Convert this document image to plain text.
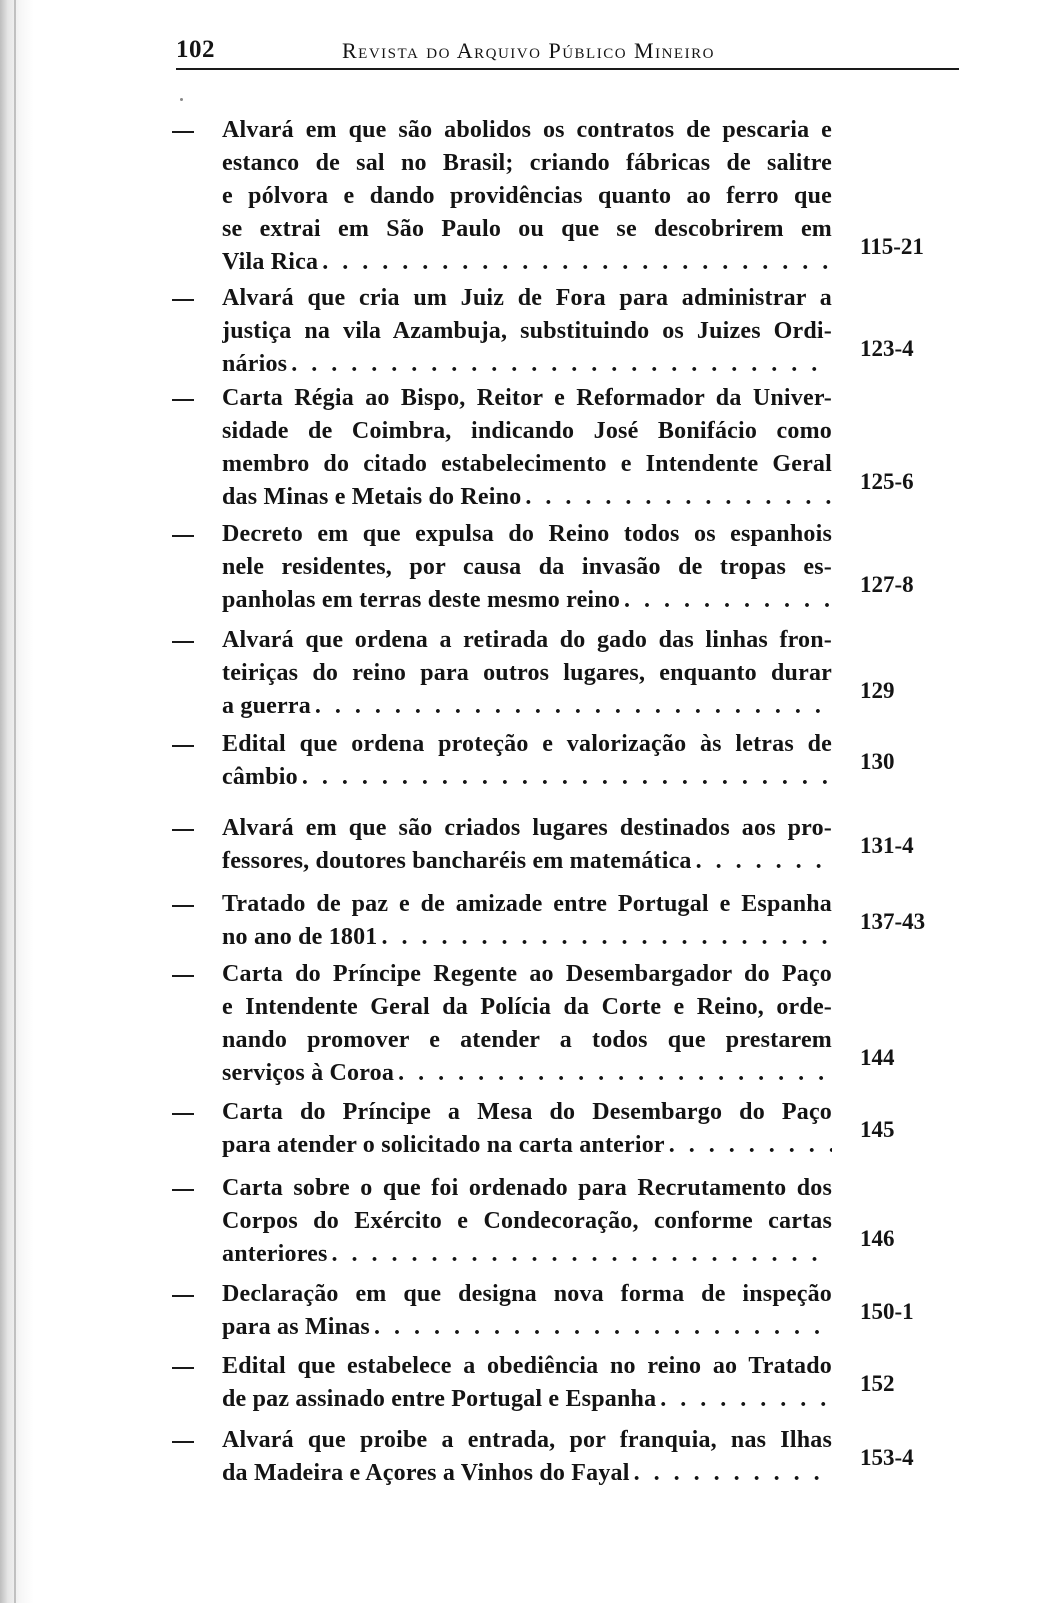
102	Revista do Arquivo Público Mineiro
Alvará em que são abolidos os contratos de pescaria e
estanco de sal no Brasil; criando fábricas de salitre
e pólvora e dando providências quanto ao ferro que
se extrai em São Paulo ou que se descobrirem em
Vila Rica
. . .
115-21
Alvará que cria um Juiz de Fora para administrar a
justiça na vila Azambuja, substituindo os Juizes Ordi-
nários
. . .
123-4
Carta Régia ao Bispo, Reitor e Reformador da Univer-
sidade de Coimbra, indicando José Bonifácio como
membro do citado estabelecimento e Intendente Geral
das Minas e Metais do Reino
. . .
125-6
Decreto em que expulsa do Reino todos os espanhois
nele residentes, por causa da invasão de tropas es-
panholas em terras deste mesmo reino
. . .
127-8
Alvará que ordena a retirada do gado das linhas fron-
teiriças do reino para outros lugares, enquanto durar
a guerra
. . .
129
Edital que ordena proteção e valorização às letras de
câmbio
. . .
130
Alvará em que são criados lugares destinados aos pro-
fessores, doutores bancharéis em matemática
. . .
131-4
Tratado de paz e de amizade entre Portugal e Espanha
no ano de 1801
. . .
137-43
Carta do Príncipe Regente ao Desembargador do Paço
e Intendente Geral da Polícia da Corte e Reino, orde-
nando promover e atender a todos que prestarem
serviços à Coroa
. . .
144
Carta do Príncipe a Mesa do Desembargo do Paço
para atender o solicitado na carta anterior
. . .
145
Carta sobre o que foi ordenado para Recrutamento dos
Corpos do Exército e Condecoração, conforme cartas
anteriores
. . .
146
Declaração em que designa nova forma de inspeção
para as Minas
. . .
150-1
Edital que estabelece a obediência no reino ao Tratado
de paz assinado entre Portugal e Espanha
. . .
152
Alvará que proibe a entrada, por franquia, nas Ilhas
da Madeira e Açores a Vinhos do Fayal
. . .
153-4
